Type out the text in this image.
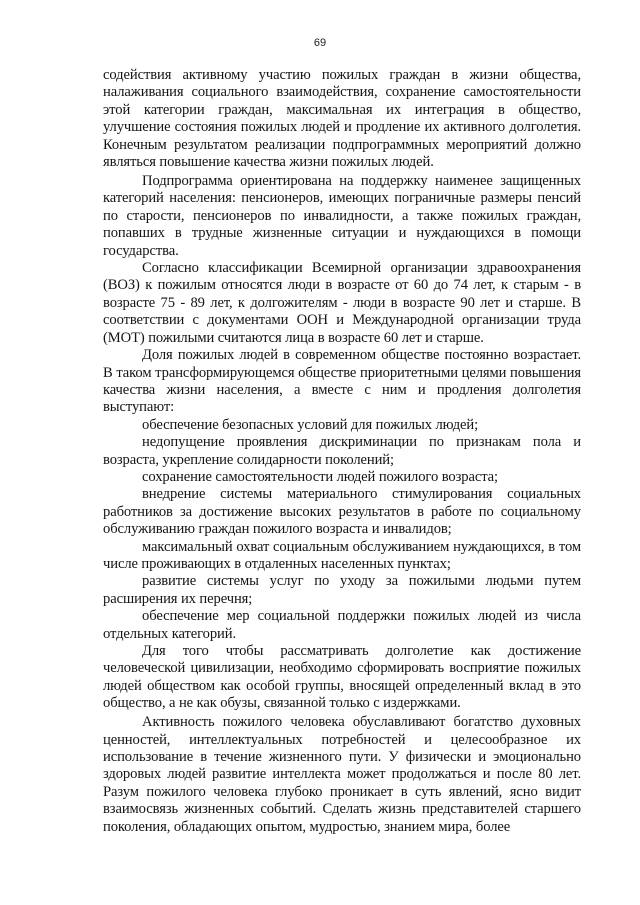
69

содействия активному участию пожилых граждан в жизни общества, налаживания социального взаимодействия, сохранение самостоятельности этой категории граждан, максимальная их интеграция в общество, улучшение состояния пожилых людей и продление их активного долголетия. Конечным результатом реализации подпрограммных мероприятий должно являться повышение качества жизни пожилых людей.

Подпрограмма ориентирована на поддержку наименее защищенных категорий населения: пенсионеров, имеющих пограничные размеры пенсий по старости, пенсионеров по инвалидности, а также пожилых граждан, попавших в трудные жизненные ситуации и нуждающихся в помощи государства.

Согласно классификации Всемирной организации здравоохранения (ВОЗ) к пожилым относятся люди в возрасте от 60 до 74 лет, к старым - в возрасте 75 - 89 лет, к долгожителям - люди в возрасте 90 лет и старше. В соответствии с документами ООН и Международной организации труда (МОТ) пожилыми считаются лица в возрасте 60 лет и старше.

Доля пожилых людей в современном обществе постоянно возрастает. В таком трансформирующемся обществе приоритетными целями повышения качества жизни населения, а вместе с ним и продления долголетия выступают:

обеспечение безопасных условий для пожилых людей;

недопущение проявления дискриминации по признакам пола и возраста, укрепление солидарности поколений;

сохранение самостоятельности людей пожилого возраста;

внедрение системы материального стимулирования социальных работников за достижение высоких результатов в работе по социальному обслуживанию граждан пожилого возраста и инвалидов;

максимальный охват социальным обслуживанием нуждающихся, в том числе проживающих в отдаленных населенных пунктах;

развитие системы услуг по уходу за пожилыми людьми путем расширения их перечня;

обеспечение мер социальной поддержки пожилых людей из числа отдельных категорий.

Для того чтобы рассматривать долголетие как достижение человеческой цивилизации, необходимо сформировать восприятие пожилых людей обществом как особой группы, вносящей определенный вклад в это общество, а не как обузы, связанной только с издержками.

Активность пожилого человека обуславливают богатство духовных ценностей, интеллектуальных потребностей и целесообразное их использование в течение жизненного пути. У физически и эмоционально здоровых людей развитие интеллекта может продолжаться и после 80 лет. Разум пожилого человека глубоко проникает в суть явлений, ясно видит взаимосвязь жизненных событий. Сделать жизнь представителей старшего поколения, обладающих опытом, мудростью, знанием мира, более
